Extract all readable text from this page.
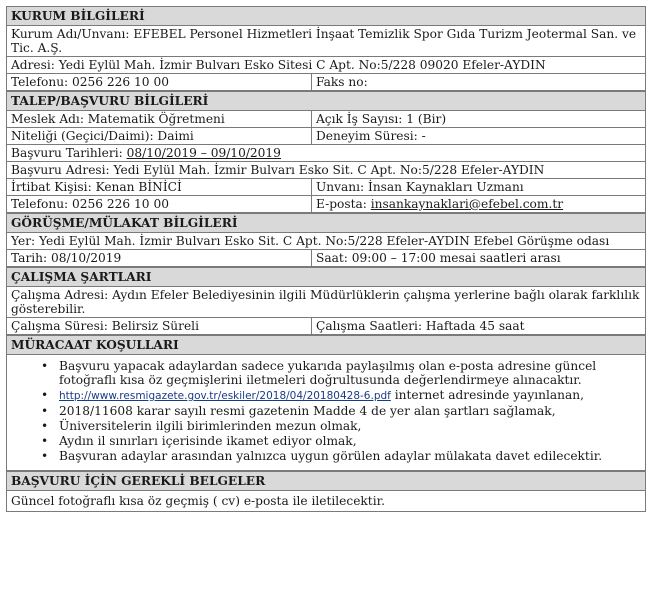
KURUM BİLGİLERİ
Kurum Adı/Unvanı: EFEBEL Personel Hizmetleri İnşaat Temizlik Spor Gıda Turizm Jeotermal San. ve Tic. A.Ş.
Adresi: Yedi Eylül Mah. İzmir Bulvarı Esko Sitesi C Apt. No:5/228 09020 Efeler-AYDIN
Telefonu: 0256 226 10 00	Faks no:
TALEP/BAŞVURU BİLGİLERİ
Meslek Adı: Matematik Öğretmeni	Açık İş Sayısı: 1 (Bir)
Niteliği (Geçici/Daimi): Daimi	Deneyim Süresi: -
Başvuru Tarihleri: 08/10/2019 – 09/10/2019
Başvuru Adresi: Yedi Eylül Mah. İzmir Bulvarı Esko Sit. C Apt. No:5/228 Efeler-AYDIN
İrtibat Kişisi: Kenan BİNİCİ	Unvanı: İnsan Kaynakları Uzmanı
Telefonu: 0256 226 10 00	E-posta: insankaynaklari@efebel.com.tr
GÖRÜŞME/MÜLAKAT BİLGİLERİ
Yer: Yedi Eylül Mah. İzmir Bulvarı Esko Sit. C Apt. No:5/228 Efeler-AYDIN Efebel Görüşme odası
Tarih: 08/10/2019	Saat: 09:00 – 17:00 mesai saatleri arası
ÇALIŞMA ŞARTLARI
Çalışma Adresi: Aydın Efeler Belediyesinin ilgili Müdürlüklerin çalışma yerlerine bağlı olarak farklılık gösterebilir.
Çalışma Süresi: Belirsiz Süreli	Çalışma Saatleri: Haftada 45 saat
MÜRACAAT KOŞULLARI
• Başvuru yapacak adaylardan sadece yukarıda paylaşılmış olan e-posta adresine güncel fotoğraflı kısa öz geçmişlerini iletmeleri doğrultusunda değerlendirmeye alınacaktır.
• http://www.resmigazete.gov.tr/eskiler/2018/04/20180428-6.pdf internet adresinde yayınlanan,
• 2018/11608 karar sayılı resmi gazetenin Madde 4 de yer alan şartları sağlamak,
• Üniversitelerin ilgili birimlerinden mezun olmak,
• Aydın il sınırları içerisinde ikamet ediyor olmak,
• Başvuran adaylar arasından yalnızca uygun görülen adaylar mülakata davet edilecektir.
BAŞVURU İÇİN GEREKLİ BELGELER
Güncel fotoğraflı kısa öz geçmiş ( cv) e-posta ile iletilecektir.
